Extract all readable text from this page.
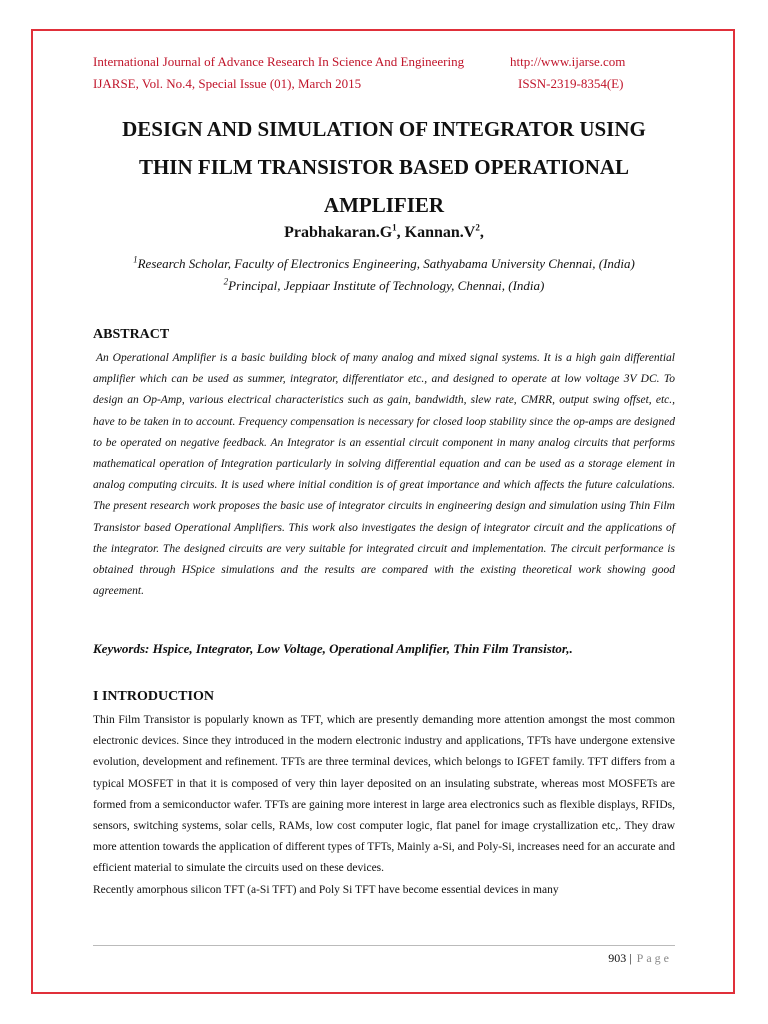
International Journal of Advance Research In Science And Engineering	http://www.ijarse.com
IJARSE, Vol. No.4, Special Issue (01), March 2015	ISSN-2319-8354(E)
DESIGN AND SIMULATION OF INTEGRATOR USING
THIN FILM TRANSISTOR BASED OPERATIONAL
AMPLIFIER
$Prabhakaran.G^1$, $Kannan.V^2$,
$^1$Research Scholar, Faculty of Electronics Engineering, Sathyabama University Chennai, (India)
$^2$Principal, Jeppiaar Institute of Technology, Chennai, (India)
ABSTRACT
An Operational Amplifier is a basic building block of many analog and mixed signal systems. It is a high gain differential amplifier which can be used as summer, integrator, differentiator etc., and designed to operate at low voltage 3V DC. To design an Op-Amp, various electrical characteristics such as gain, bandwidth, slew rate, CMRR, output swing offset, etc., have to be taken in to account. Frequency compensation is necessary for closed loop stability since the op-amps are designed to be operated on negative feedback. An Integrator is an essential circuit component in many analog circuits that performs mathematical operation of Integration particularly in solving differential equation and can be used as a storage element in analog computing circuits. It is used where initial condition is of great importance and which affects the future calculations. The present research work proposes the basic use of integrator circuits in engineering design and simulation using Thin Film Transistor based Operational Amplifiers. This work also investigates the design of integrator circuit and the applications of the integrator. The designed circuits are very suitable for integrated circuit and implementation. The circuit performance is obtained through HSpice simulations and the results are compared with the existing theoretical work showing good agreement.
Keywords: Hspice, Integrator, Low Voltage, Operational Amplifier, Thin Film Transistor,.
I INTRODUCTION
Thin Film Transistor is popularly known as TFT, which are presently demanding more attention amongst the most common electronic devices. Since they introduced in the modern electronic industry and applications, TFTs have undergone extensive evolution, development and refinement. TFTs are three terminal devices, which belongs to IGFET family. TFT differs from a typical MOSFET in that it is composed of very thin layer deposited on an insulating substrate, whereas most MOSFETs are formed from a semiconductor wafer. TFTs are gaining more interest in large area electronics such as flexible displays, RFIDs, sensors, switching systems, solar cells, RAMs, low cost computer logic, flat panel for image crystallization etc,. They draw more attention towards the application of different types of TFTs, Mainly a-Si, and Poly-Si, increases need for an accurate and efficient material to simulate the circuits used on these devices.
Recently amorphous silicon TFT (a-Si TFT) and Poly Si TFT have become essential devices in many
903 | Page
